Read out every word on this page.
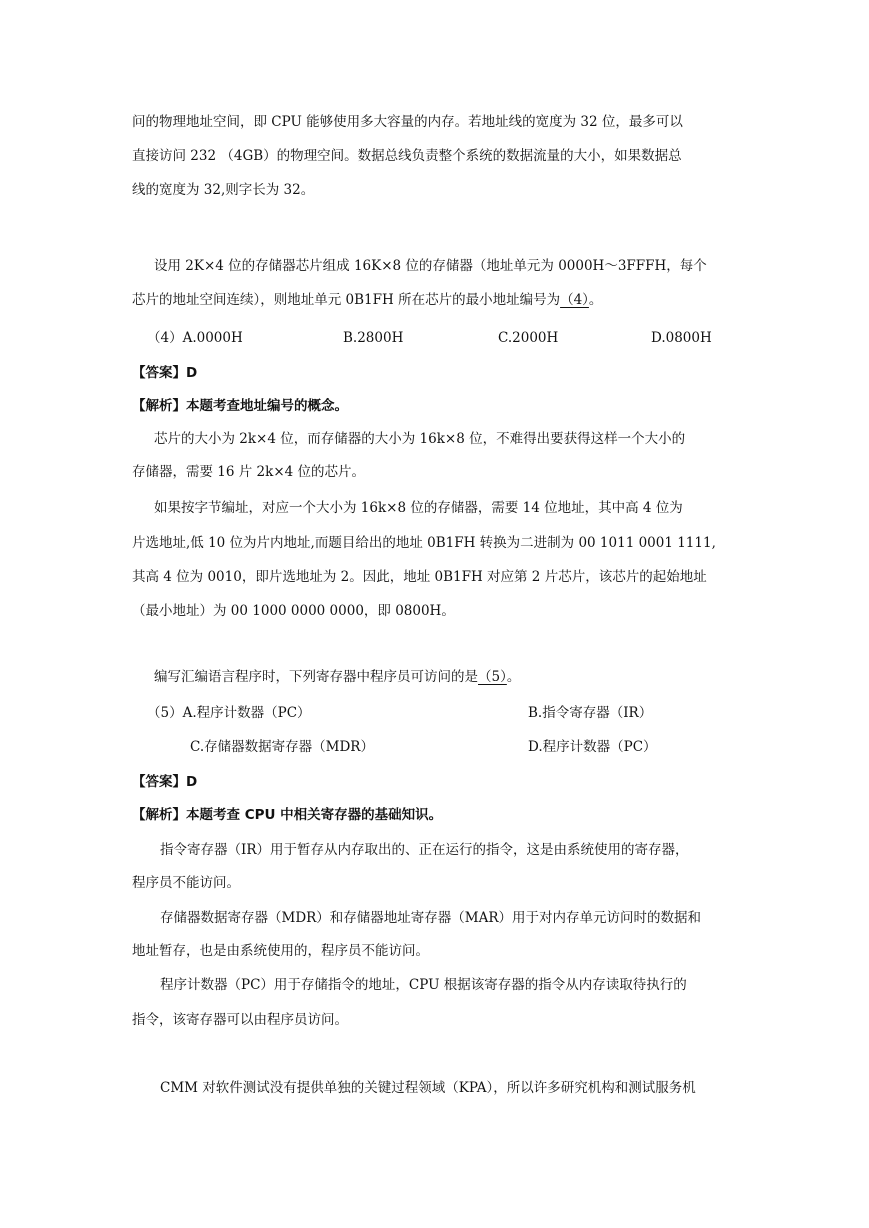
问的物理地址空间，即 CPU 能够使用多大容量的内存。若地址线的宽度为 32 位，最多可以
直接访问 232 （4GB）的物理空间。数据总线负责整个系统的数据流量的大小，如果数据总
线的宽度为 32,则字长为 32。
设用 2K×4 位的存储器芯片组成 16K×8 位的存储器（地址单元为 0000H～3FFFH，每个
芯片的地址空间连续），则地址单元 0B1FH 所在芯片的最小地址编号为（4）。
（4）A.0000H	B.2800H	C.2000H	D.0800H
【答案】D
【解析】本题考查地址编号的概念。
芯片的大小为 2k×4 位，而存储器的大小为 16k×8 位，不难得出要获得这样一个大小的
存储器，需要 16 片 2k×4 位的芯片。
如果按字节编址，对应一个大小为 16k×8 位的存储器，需要 14 位地址，其中高 4 位为
片选地址,低 10 位为片内地址,而题目给出的地址 0B1FH 转换为二进制为 00 1011 0001 1111,
其高 4 位为 0010，即片选地址为 2。因此，地址 0B1FH 对应第 2 片芯片，该芯片的起始地址
（最小地址）为 00 1000 0000 0000，即 0800H。
编写汇编语言程序时，下列寄存器中程序员可访问的是（5）。
（5）A.程序计数器（PC）	B.指令寄存器（IR）
C.存储器数据寄存器（MDR）	D.程序计数器（PC）
【答案】D
【解析】本题考查 CPU 中相关寄存器的基础知识。
指令寄存器（IR）用于暂存从内存取出的、正在运行的指令，这是由系统使用的寄存器，
程序员不能访问。
存储器数据寄存器（MDR）和存储器地址寄存器（MAR）用于对内存单元访问时的数据和
地址暂存，也是由系统使用的，程序员不能访问。
程序计数器（PC）用于存储指令的地址，CPU 根据该寄存器的指令从内存读取待执行的
指令，该寄存器可以由程序员访问。
CMM 对软件测试没有提供单独的关键过程领域（KPA），所以许多研究机构和测试服务机
